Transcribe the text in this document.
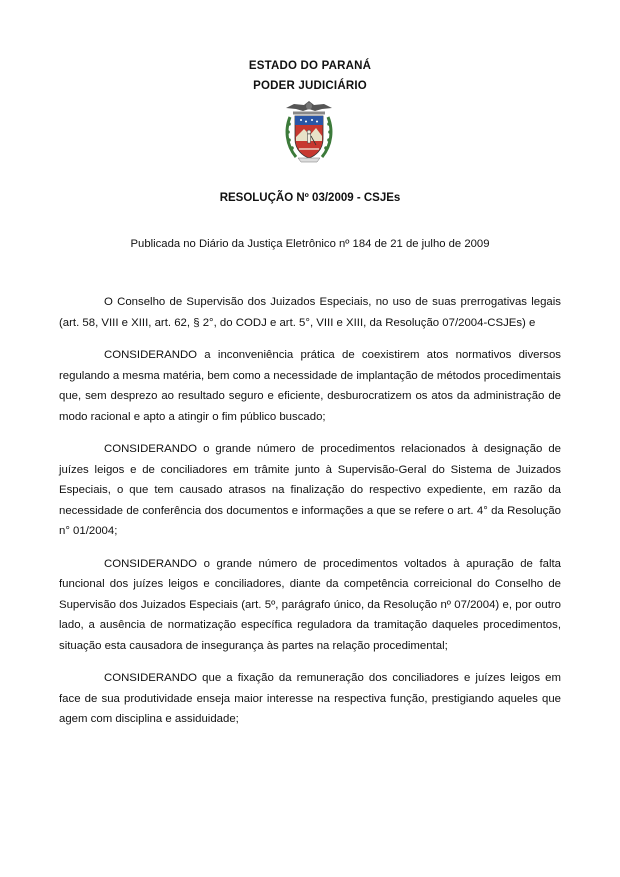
ESTADO DO PARANÁ
PODER JUDICIÁRIO
RESOLUÇÃO Nº 03/2009 - CSJEs
Publicada no Diário da Justiça Eletrônico nº 184 de 21 de julho de 2009

O Conselho de Supervisão dos Juizados Especiais, no uso de suas prerrogativas legais (art. 58, VIII e XIII, art. 62, § 2°, do CODJ e art. 5°, VIII e XIII, da Resolução 07/2004-CSJEs) e

CONSIDERANDO a inconveniência prática de coexistirem atos normativos diversos regulando a mesma matéria, bem como a necessidade de implantação de métodos procedimentais que, sem desprezo ao resultado seguro e eficiente, desburocratizem os atos da administração de modo racional e apto a atingir o fim público buscado;

CONSIDERANDO o grande número de procedimentos relacionados à designação de juízes leigos e de conciliadores em trâmite junto à Supervisão-Geral do Sistema de Juizados Especiais, o que tem causado atrasos na finalização do respectivo expediente, em razão da necessidade de conferência dos documentos e informações a que se refere o art. 4° da Resolução n° 01/2004;

CONSIDERANDO o grande número de procedimentos voltados à apuração de falta funcional dos juízes leigos e conciliadores, diante da competência correicional do Conselho de Supervisão dos Juizados Especiais (art. 5º, parágrafo único, da Resolução nº 07/2004) e, por outro lado, a ausência de normatização específica reguladora da tramitação daqueles procedimentos, situação esta causadora de insegurança às partes na relação procedimental;

CONSIDERANDO que a fixação da remuneração dos conciliadores e juízes leigos em face de sua produtividade enseja maior interesse na respectiva função, prestigiando aqueles que agem com disciplina e assiduidade;
